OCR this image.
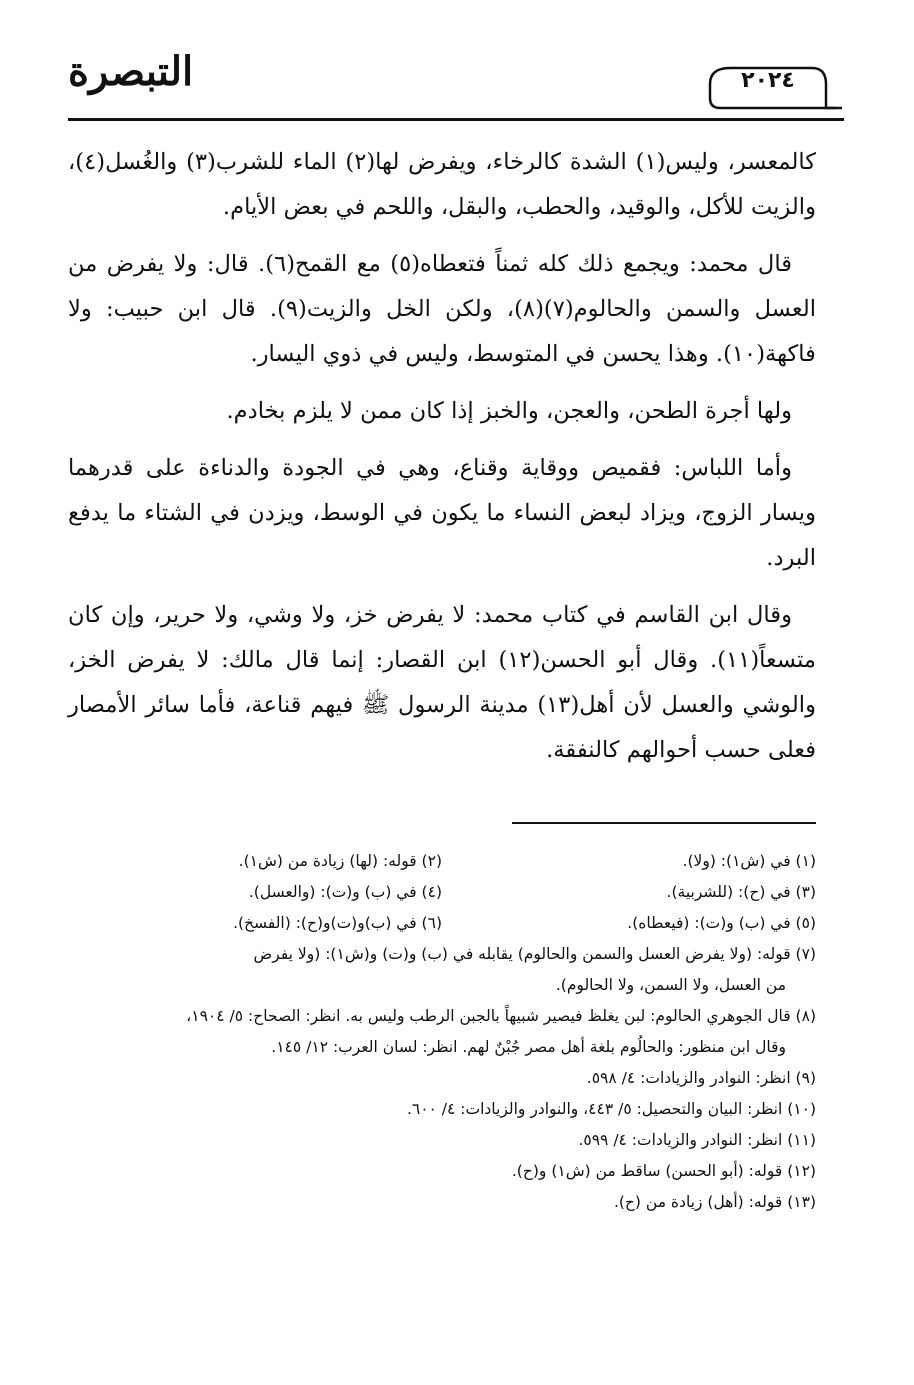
التبصرة	٢٠٢٤

كالمعسر، وليس(١) الشدة كالرخاء، ويفرض لها(٢) الماء للشرب(٣) والغُسل(٤)، والزيت للأكل، والوقيد، والحطب، والبقل، واللحم في بعض الأيام.

قال محمد: ويجمع ذلك كله ثمناً فتعطاه(٥) مع القمح(٦). قال: ولا يفرض من العسل والسمن والحالوم(٧)(٨)، ولكن الخل والزيت(٩). قال ابن حبيب: ولا فاكهة(١٠). وهذا يحسن في المتوسط، وليس في ذوي اليسار.

ولها أجرة الطحن، والعجن، والخبز إذا كان ممن لا يلزم بخادم.

وأما اللباس: فقميص ووقاية وقناع، وهي في الجودة والدناءة على قدرهما ويسار الزوج، ويزاد لبعض النساء ما يكون في الوسط، ويزدن في الشتاء ما يدفع البرد.

وقال ابن القاسم في كتاب محمد: لا يفرض خز، ولا وشي، ولا حرير، وإن كان متسعاً(١١). وقال أبو الحسن(١٢) ابن القصار: إنما قال مالك: لا يفرض الخز، والوشي والعسل لأن أهل(١٣) مدينة الرسول ﷺ فيهم قناعة، فأما سائر الأمصار فعلى حسب أحوالهم كالنفقة.

(١) في (ش١): (ولا).
(٢) قوله: (لها) زيادة من (ش١).
(٣) في (ح): (للشربية).
(٤) في (ب) و(ت): (والعسل).
(٥) في (ب) و(ت): (فيعطاه).
(٦) في (ب)و(ت)و(ح): (الفسخ).
(٧) قوله: (ولا يفرض العسل والسمن والحالوم) يقابله في (ب) و(ت) و(ش١): (ولا يفرض
من العسل، ولا السمن، ولا الحالوم).
(٨) قال الجوهري الحالوم: لبن يغلظ فيصير شبيهاً بالجبن الرطب وليس به. انظر: الصحاح: ٥/ ١٩٠٤،
وقال ابن منظور: والحالُوم بلغة أهل مصر جُبْنٌ لهم. انظر: لسان العرب: ١٢/ ١٤٥.
(٩) انظر: النوادر والزيادات: ٤/ ٥٩٨.
(١٠) انظر: البيان والتحصيل: ٥/ ٤٤٣، والنوادر والزيادات: ٤/ ٦٠٠.
(١١) انظر: النوادر والزيادات: ٤/ ٥٩٩.
(١٢) قوله: (أبو الحسن) ساقط من (ش١) و(ح).
(١٣) قوله: (أهل) زيادة من (ح).
